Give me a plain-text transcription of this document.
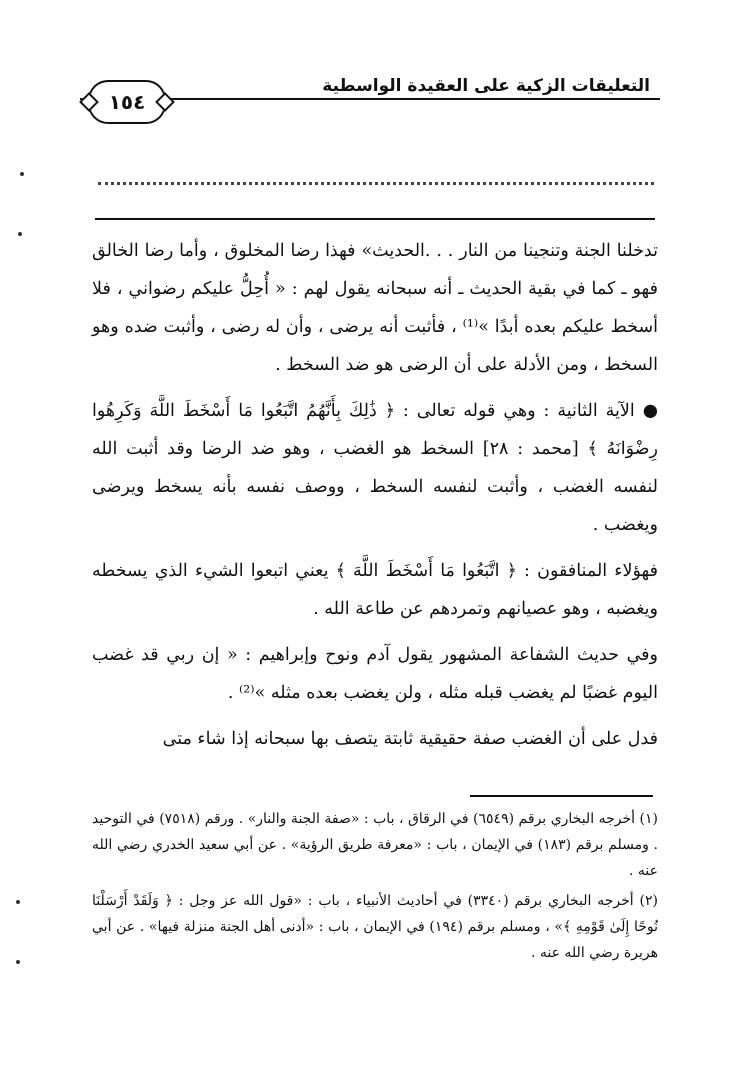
التعليقات الزكية على العقيدة الواسطية
١٥٤

تدخلنا الجنة وتنجينا من النار . . .الحديث» فهذا رضا المخلوق ، وأما رضا الخالق فهو ـ كما في بقية الحديث ـ أنه سبحانه يقول لهم : « أُحِلُّ عليكم رضواني ، فلا أسخط عليكم بعده أبدًا »⁽¹⁾ ، فأثبت أنه يرضى ، وأن له رضى ، وأثبت ضده وهو السخط ، ومن الأدلة على أن الرضى هو ضد السخط .

● الآية الثانية : وهي قوله تعالى : ﴿ ذَٰلِكَ بِأَنَّهُمُ اتَّبَعُوا مَا أَسْخَطَ اللَّهَ وَكَرِهُوا رِضْوَانَهُ ﴾ [محمد : ٢٨] السخط هو الغضب ، وهو ضد الرضا وقد أثبت الله لنفسه الغضب ، وأثبت لنفسه السخط ، ووصف نفسه بأنه يسخط ويرضى ويغضب .

فهؤلاء المنافقون : ﴿ اتَّبَعُوا مَا أَسْخَطَ اللَّهَ ﴾ يعني اتبعوا الشيء الذي يسخطه ويغضبه ، وهو عصيانهم وتمردهم عن طاعة الله .

وفي حديث الشفاعة المشهور يقول آدم ونوح وإبراهيم : « إن ربي قد غضب اليوم غضبًا لم يغضب قبله مثله ، ولن يغضب بعده مثله »⁽²⁾ .

فدل على أن الغضب صفة حقيقية ثابتة يتصف بها سبحانه إذا شاء متى

(١) أخرجه البخاري برقم (٦٥٤٩) في الرقاق ، باب : «صفة الجنة والنار» . ورقم (٧٥١٨) في التوحيد . ومسلم برقم (١٨٣) في الإيمان ، باب : «معرفة طريق الرؤية» . عن أبي سعيد الخدري رضي الله عنه .

(٢) أخرجه البخاري برقم (٣٣٤٠) في أحاديث الأنبياء ، باب : «قول الله عز وجل : ﴿ وَلَقَدْ أَرْسَلْنَا نُوحًا إِلَىٰ قَوْمِهِ ﴾» ، ومسلم برقم (١٩٤) في الإيمان ، باب : «أدنى أهل الجنة منزلة فيها» . عن أبي هريرة رضي الله عنه .
